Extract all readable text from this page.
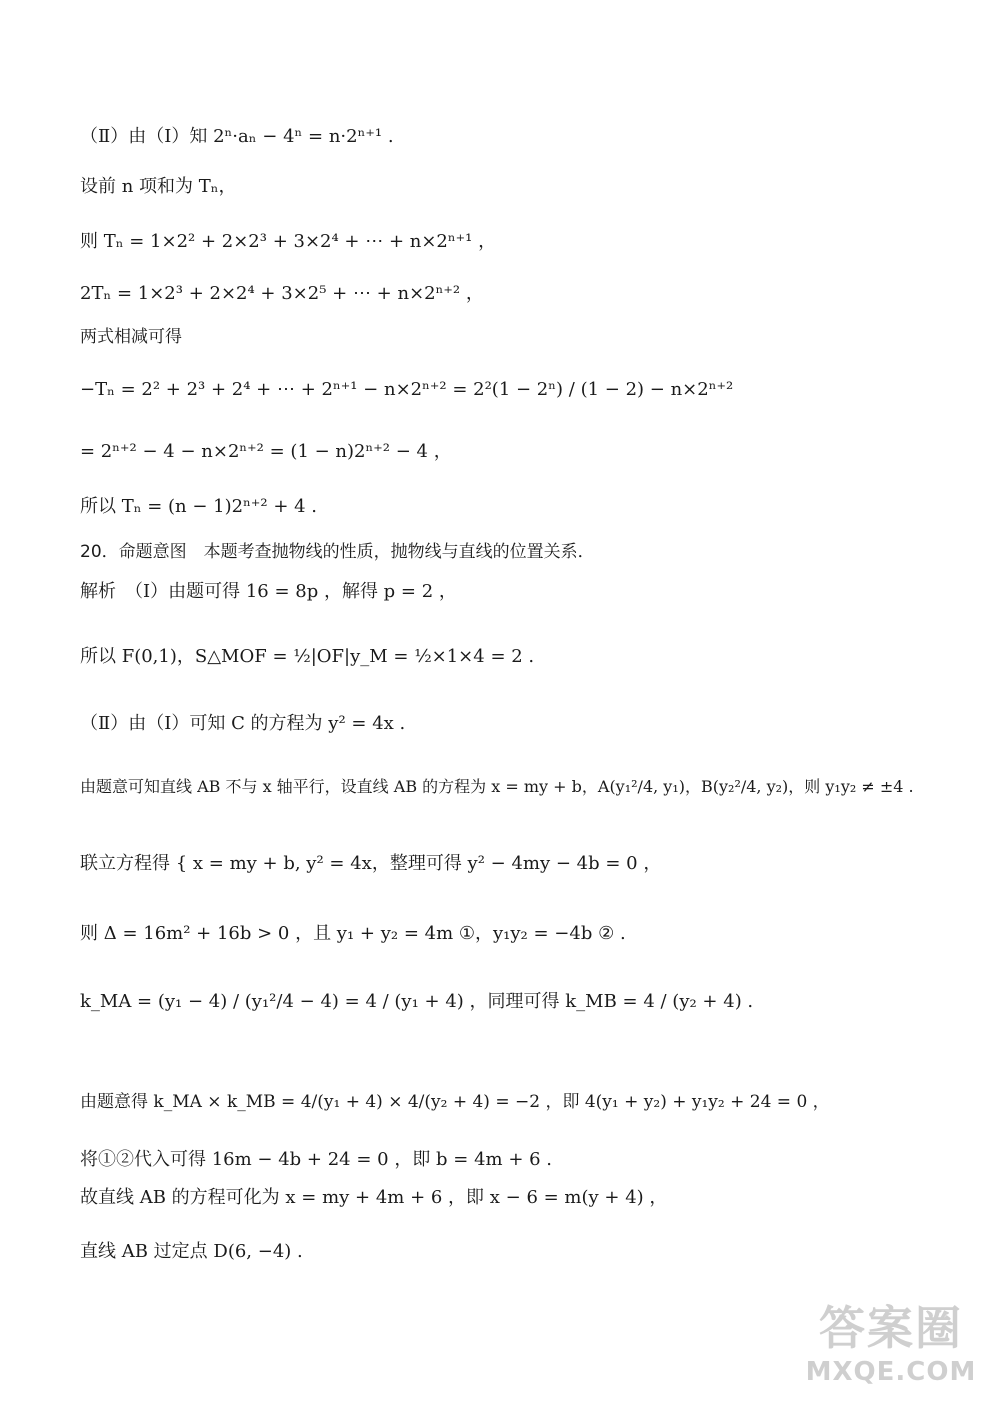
（Ⅱ）由（Ⅰ）知 2ⁿ·aₙ − 4ⁿ = n·2ⁿ⁺¹ .
设前 n 项和为 Tₙ，
则 Tₙ = 1×2² + 2×2³ + 3×2⁴ + ⋯ + n×2ⁿ⁺¹ ，
2Tₙ = 1×2³ + 2×2⁴ + 3×2⁵ + ⋯ + n×2ⁿ⁺² ，
两式相减可得
−Tₙ = 2² + 2³ + 2⁴ + ⋯ + 2ⁿ⁺¹ − n×2ⁿ⁺² = 2²(1 − 2ⁿ) / (1 − 2) − n×2ⁿ⁺²
= 2ⁿ⁺² − 4 − n×2ⁿ⁺² = (1 − n)2ⁿ⁺² − 4 ，
所以 Tₙ = (n − 1)2ⁿ⁺² + 4 .
20．命题意图　本题考查抛物线的性质，抛物线与直线的位置关系．
解析　（Ⅰ）由题可得 16 = 8p ，解得 p = 2 ，
所以 F(0,1)，S△MOF = ½|OF|y_M = ½×1×4 = 2 .
（Ⅱ）由（Ⅰ）可知 C 的方程为 y² = 4x .
由题意可知直线 AB 不与 x 轴平行，设直线 AB 的方程为 x = my + b，A(y₁²/4, y₁)，B(y₂²/4, y₂)，则 y₁y₂ ≠ ±4 .
联立方程得 { x = my + b, y² = 4x，整理可得 y² − 4my − 4b = 0 ，
则 Δ = 16m² + 16b > 0 ，且 y₁ + y₂ = 4m ①，y₁y₂ = −4b ② .
k_MA = (y₁ − 4) / (y₁²/4 − 4) = 4 / (y₁ + 4) ，同理可得 k_MB = 4 / (y₂ + 4) .
由题意得 k_MA × k_MB = 4/(y₁ + 4) × 4/(y₂ + 4) = −2 ，即 4(y₁ + y₂) + y₁y₂ + 24 = 0 ，
将①②代入可得 16m − 4b + 24 = 0 ，即 b = 4m + 6 .
故直线 AB 的方程可化为 x = my + 4m + 6 ，即 x − 6 = m(y + 4) ，
直线 AB 过定点 D(6, −4) .
答案圈
MXQE.COM
